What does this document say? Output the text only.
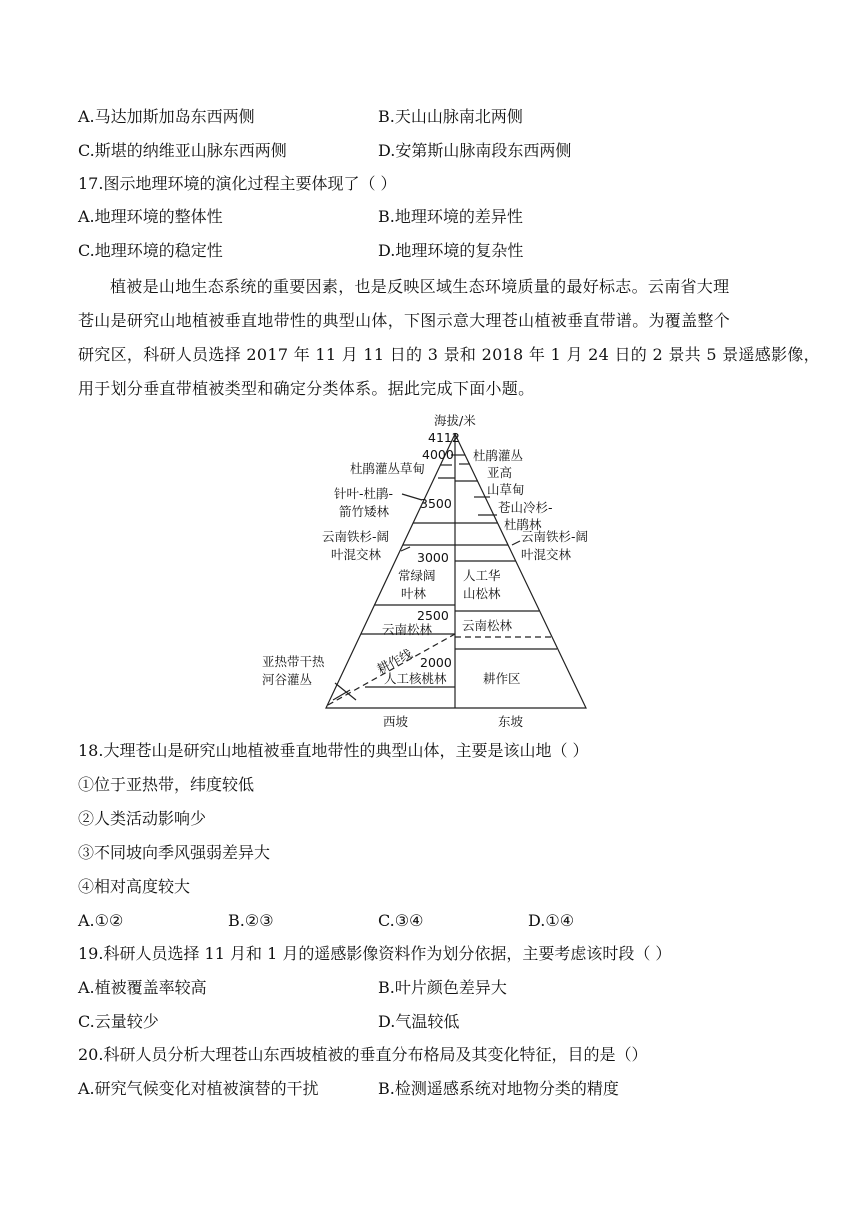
A.马达加斯加岛东西两侧	B.天山山脉南北两侧
C.斯堪的纳维亚山脉东西两侧	D.安第斯山脉南段东西两侧
17.图示地理环境的演化过程主要体现了（ ）
A.地理环境的整体性	B.地理环境的差异性
C.地理环境的稳定性	D.地理环境的复杂性
植被是山地生态系统的重要因素，也是反映区域生态环境质量的最好标志。云南省大理
苍山是研究山地植被垂直地带性的典型山体，下图示意大理苍山植被垂直带谱。为覆盖整个
研究区，科研人员选择 2017 年 11 月 11 日的 3 景和 2018 年 1 月 24 日的 2 景共 5 景遥感影像，
用于划分垂直带植被类型和确定分类体系。据此完成下面小题。
海拔/米
4112
4000
3500
3000
2500
2000
杜鹃灌丛草甸
针叶-杜鹃-
箭竹矮林
云南铁杉-阔
叶混交林
常绿阔
叶林
云南松林
亚热带干热
河谷灌丛
耕作线
人工核桃林
杜鹃灌丛
亚高
山草甸
苍山冷杉-
杜鹃林
云南铁杉-阔
叶混交林
人工华
山松林
云南松林
耕作区
西坡	东坡
18.大理苍山是研究山地植被垂直地带性的典型山体，主要是该山地（ ）
①位于亚热带，纬度较低
②人类活动影响少
③不同坡向季风强弱差异大
④相对高度较大
A.①②	B.②③	C.③④	D.①④
19.科研人员选择 11 月和 1 月的遥感影像资料作为划分依据，主要考虑该时段（ ）
A.植被覆盖率较高	B.叶片颜色差异大
C.云量较少	D.气温较低
20.科研人员分析大理苍山东西坡植被的垂直分布格局及其变化特征，目的是（）
A.研究气候变化对植被演替的干扰	B.检测遥感系统对地物分类的精度
